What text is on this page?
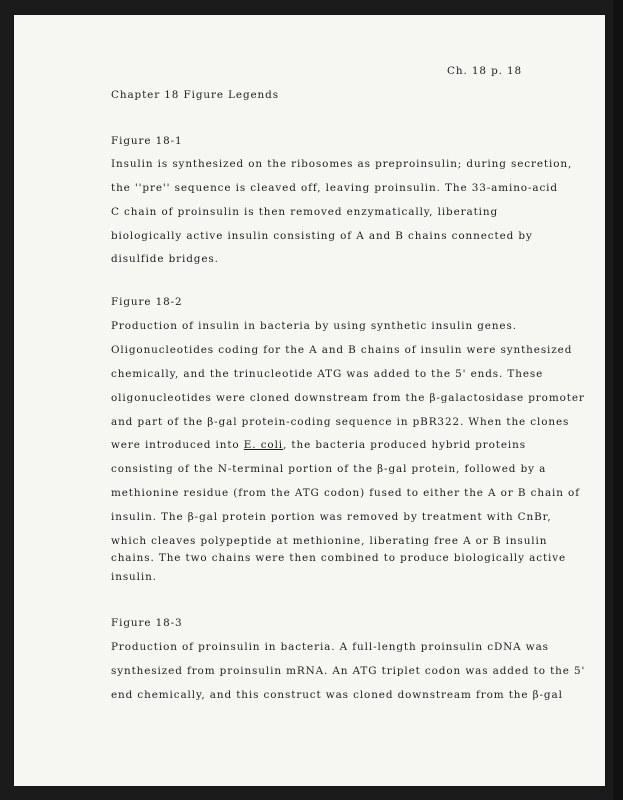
Ch. 18 p. 18
Chapter 18 Figure Legends
Figure 18-1
Insulin is synthesized on the ribosomes as preproinsulin; during secretion,
the ''pre'' sequence is cleaved off, leaving proinsulin. The 33-amino-acid
C chain of proinsulin is then removed enzymatically, liberating
biologically active insulin consisting of A and B chains connected by
disulfide bridges.
Figure 18-2
Production of insulin in bacteria by using synthetic insulin genes.
Oligonucleotides coding for the A and B chains of insulin were synthesized
chemically, and the trinucleotide ATG was added to the 5' ends. These
oligonucleotides were cloned downstream from the β-galactosidase promoter
and part of the β-gal protein-coding sequence in pBR322. When the clones
were introduced into E. coli, the bacteria produced hybrid proteins
consisting of the N-terminal portion of the β-gal protein, followed by a
methionine residue (from the ATG codon) fused to either the A or B chain of
insulin. The β-gal protein portion was removed by treatment with CnBr,
which cleaves polypeptide at methionine, liberating free A or B insulin
chains. The two chains were then combined to produce biologically active
insulin.
Figure 18-3
Production of proinsulin in bacteria. A full-length proinsulin cDNA was
synthesized from proinsulin mRNA. An ATG triplet codon was added to the 5'
end chemically, and this construct was cloned downstream from the β-gal
